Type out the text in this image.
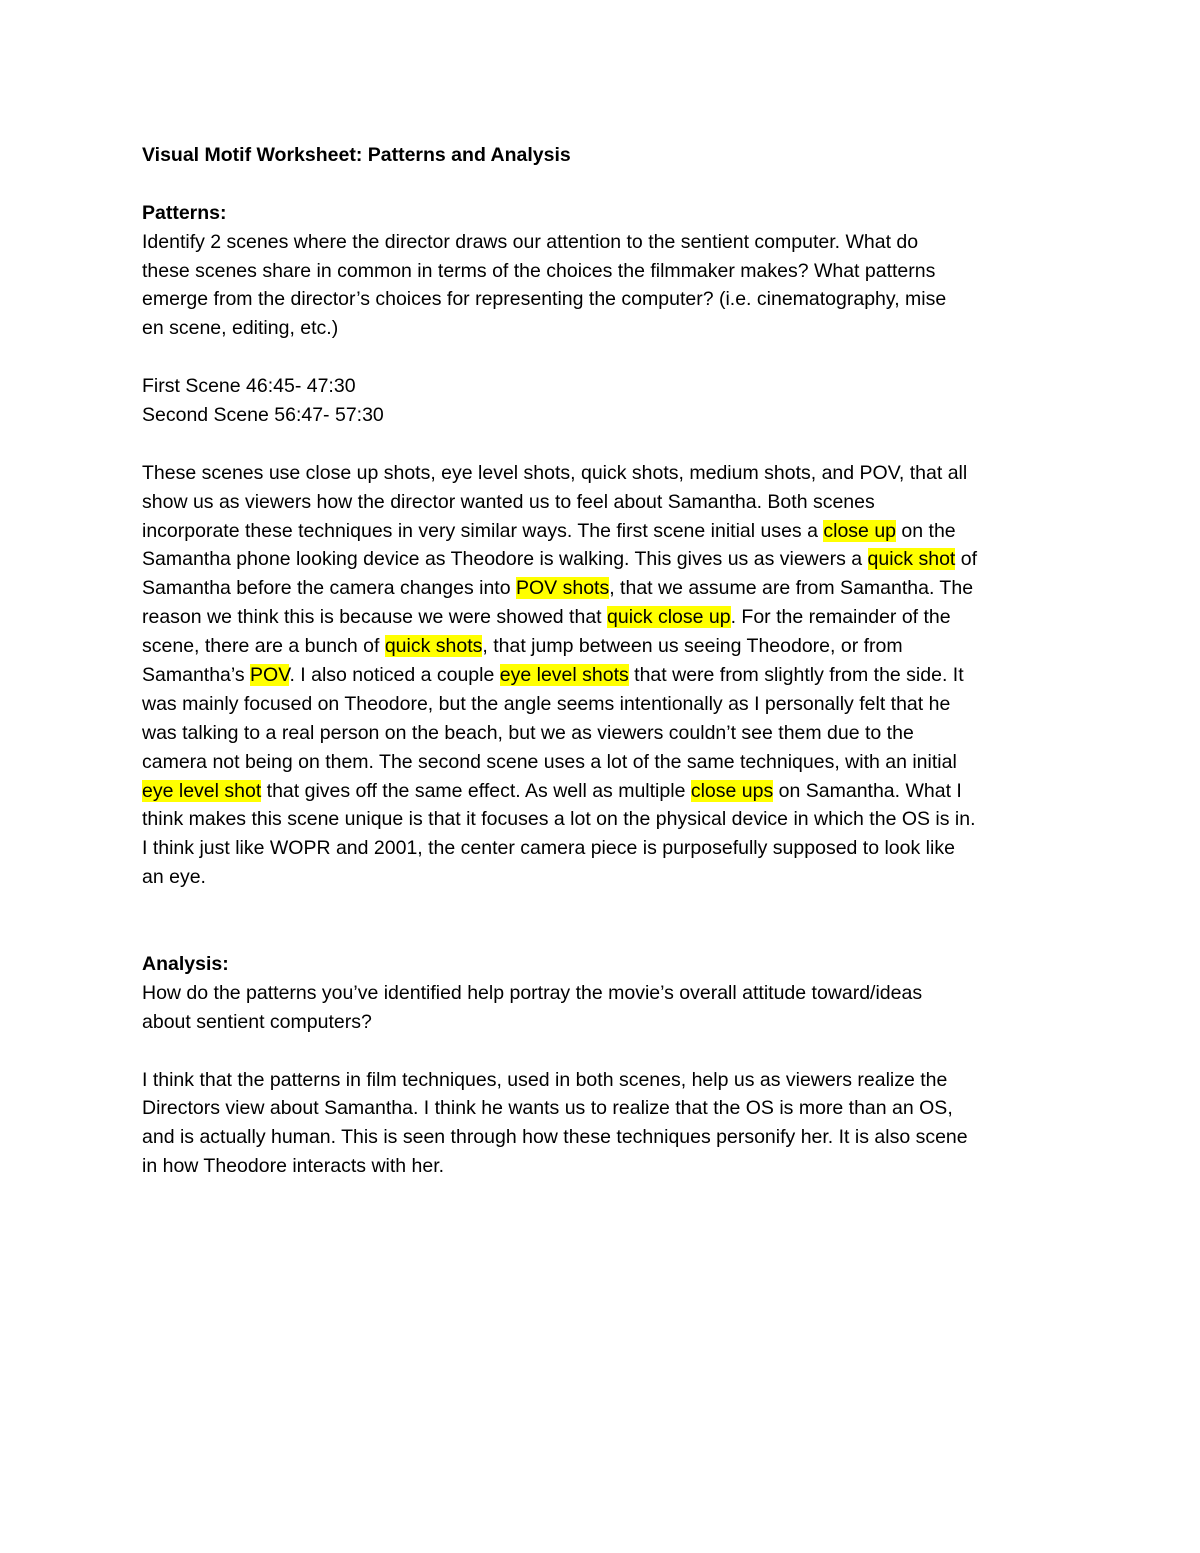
Visual Motif Worksheet: Patterns and Analysis
Patterns:
Identify 2 scenes where the director draws our attention to the sentient computer. What do
these scenes share in common in terms of the choices the filmmaker makes? What patterns
emerge from the director’s choices for representing the computer? (i.e. cinematography, mise
en scene, editing, etc.)
First Scene 46:45- 47:30
Second Scene 56:47- 57:30
These scenes use close up shots, eye level shots, quick shots, medium shots, and POV, that all
show us as viewers how the director wanted us to feel about Samantha. Both scenes
incorporate these techniques in very similar ways. The first scene initial uses a close up on the
Samantha phone looking device as Theodore is walking. This gives us as viewers a quick shot of
Samantha before the camera changes into POV shots, that we assume are from Samantha. The
reason we think this is because we were showed that quick close up. For the remainder of the
scene, there are a bunch of quick shots, that jump between us seeing Theodore, or from
Samantha’s POV. I also noticed a couple eye level shots that were from slightly from the side. It
was mainly focused on Theodore, but the angle seems intentionally as I personally felt that he
was talking to a real person on the beach, but we as viewers couldn’t see them due to the
camera not being on them. The second scene uses a lot of the same techniques, with an initial
eye level shot that gives off the same effect. As well as multiple close ups on Samantha. What I
think makes this scene unique is that it focuses a lot on the physical device in which the OS is in.
I think just like WOPR and 2001, the center camera piece is purposefully supposed to look like
an eye.
Analysis:
How do the patterns you’ve identified help portray the movie’s overall attitude toward/ideas
about sentient computers?
I think that the patterns in film techniques, used in both scenes, help us as viewers realize the
Directors view about Samantha. I think he wants us to realize that the OS is more than an OS,
and is actually human. This is seen through how these techniques personify her. It is also scene
in how Theodore interacts with her.
